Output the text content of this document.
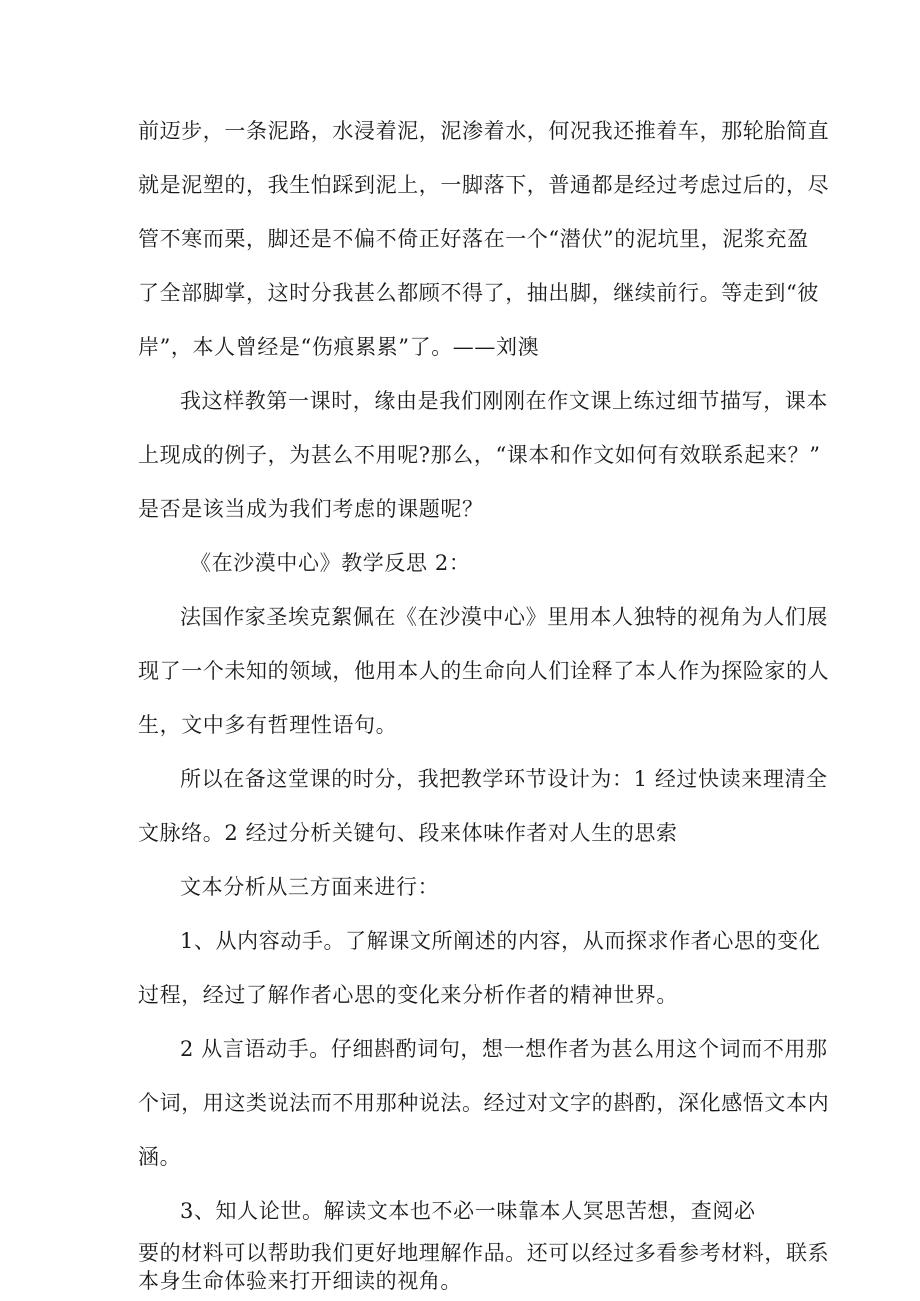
前迈步，一条泥路，水浸着泥，泥渗着水，何况我还推着车，那轮胎简直
就是泥塑的，我生怕踩到泥上，一脚落下，普通都是经过考虑过后的，尽
管不寒而栗，脚还是不偏不倚正好落在一个“潜伏”的泥坑里，泥浆充盈
了全部脚掌，这时分我甚么都顾不得了，抽出脚，继续前行。等走到“彼
岸”，本人曾经是“伤痕累累”了。——刘澳
我这样教第一课时，缘由是我们刚刚在作文课上练过细节描写，课本
上现成的例子，为甚么不用呢?那么，“课本和作文如何有效联系起来？”
是否是该当成为我们考虑的课题呢？
《在沙漠中心》教学反思 2：
法国作家圣埃克絮佩在《在沙漠中心》里用本人独特的视角为人们展
现了一个未知的领域，他用本人的生命向人们诠释了本人作为探险家的人
生，文中多有哲理性语句。
所以在备这堂课的时分，我把教学环节设计为：1 经过快读来理清全
文脉络。2 经过分析关键句、段来体味作者对人生的思索
文本分析从三方面来进行：
1、从内容动手。了解课文所阐述的内容，从而探求作者心思的变化
过程，经过了解作者心思的变化来分析作者的精神世界。
2 从言语动手。仔细斟酌词句，想一想作者为甚么用这个词而不用那
个词，用这类说法而不用那种说法。经过对文字的斟酌，深化感悟文本内
涵。
3、知人论世。解读文本也不必一味靠本人冥思苦想，查阅必
要的材料可以帮助我们更好地理解作品。还可以经过多看参考材料，联系
本身生命体验来打开细读的视角。
